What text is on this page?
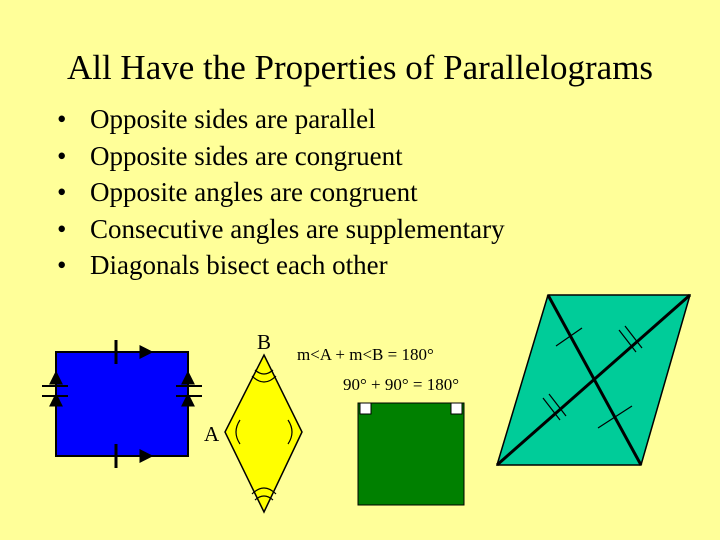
All Have the Properties of Parallelograms
• Opposite sides are parallel
• Opposite sides are congruent
• Opposite angles are congruent
• Consecutive angles are supplementary
• Diagonals bisect each other
B
A
m<A + m<B = 180°
90° + 90° = 180°
